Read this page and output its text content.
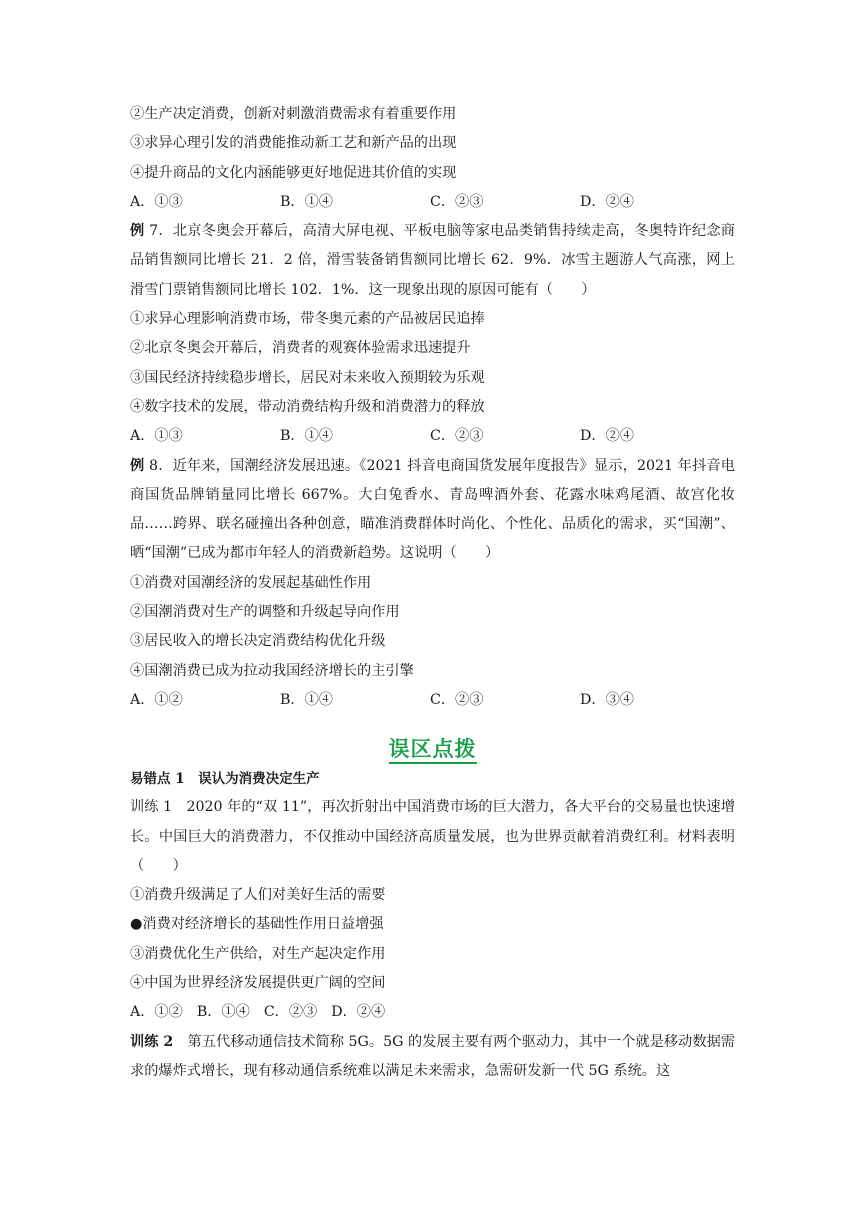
②生产决定消费，创新对刺激消费需求有着重要作用
③求异心理引发的消费能推动新工艺和新产品的出现
④提升商品的文化内涵能够更好地促进其价值的实现
A．①③	B．①④	C．②③	D．②④
例 7．北京冬奥会开幕后，高清大屏电视、平板电脑等家电品类销售持续走高，冬奥特许纪念商品销售额同比增长 21．2 倍，滑雪装备销售额同比增长 62．9%．冰雪主题游人气高涨，网上滑雪门票销售额同比增长 102．1%．这一现象出现的原因可能有（　　）
①求异心理影响消费市场，带冬奥元素的产品被居民追捧
②北京冬奥会开幕后，消费者的观赛体验需求迅速提升
③国民经济持续稳步增长，居民对未来收入预期较为乐观
④数字技术的发展，带动消费结构升级和消费潜力的释放
A．①③	B．①④	C．②③	D．②④
例 8．近年来，国潮经济发展迅速。《2021 抖音电商国货发展年度报告》显示，2021 年抖音电商国货品牌销量同比增长 667%。大白兔香水、青岛啤酒外套、花露水味鸡尾酒、故宫化妆品……跨界、联名碰撞出各种创意，瞄准消费群体时尚化、个性化、品质化的需求，买“国潮”、晒“国潮”已成为都市年轻人的消费新趋势。这说明（　　）
①消费对国潮经济的发展起基础性作用
②国潮消费对生产的调整和升级起导向作用
③居民收入的增长决定消费结构优化升级
④国潮消费已成为拉动我国经济增长的主引擎
A．①②	B．①④	C．②③	D．③④
误区点拨
易错点 1　误认为消费决定生产
训练 1　2020 年的“双 11”，再次折射出中国消费市场的巨大潜力，各大平台的交易量也快速增长。中国巨大的消费潜力，不仅推动中国经济高质量发展，也为世界贡献着消费红利。材料表明（　　）
①消费升级满足了人们对美好生活的需要
●消费对经济增长的基础性作用日益增强
③消费优化生产供给，对生产起决定作用
④中国为世界经济发展提供更广阔的空间
A．①② B．①④ C．②③ D．②④
训练 2　第五代移动通信技术简称 5G。5G 的发展主要有两个驱动力，其中一个就是移动数据需求的爆炸式增长，现有移动通信系统难以满足未来需求，急需研发新一代 5G 系统。这
